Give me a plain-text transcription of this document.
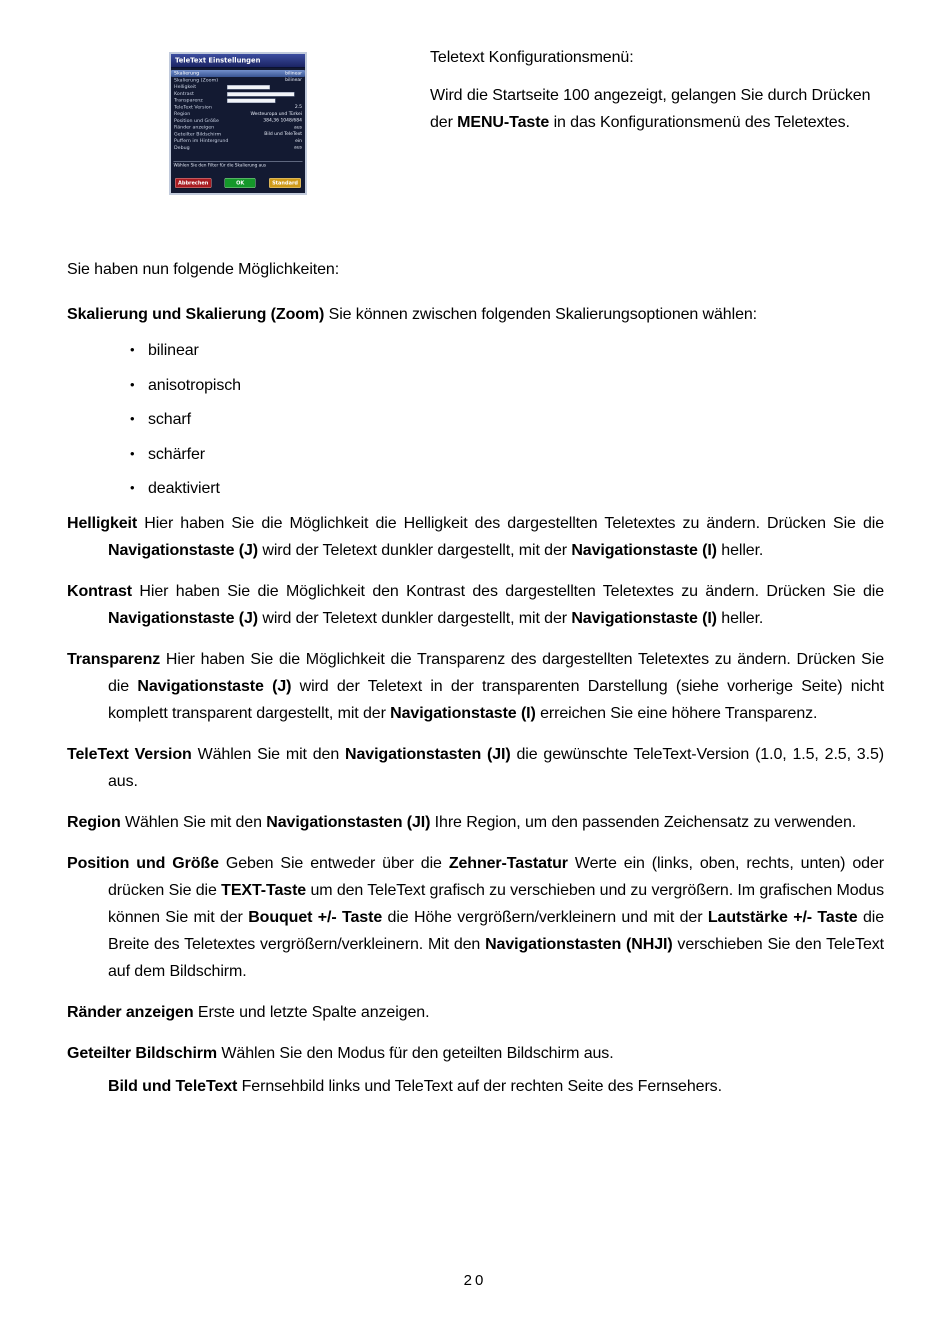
TeleText Einstellungen
Skalierung	bilinear
Skalierung (Zoom)	bilinear
Helligkeit
Kontrast
Transparenz
TeleText Version	2.5
Region	Westeuropa und Türkei
Position und Größe	384,36 1048/684
Ränder anzeigen	aus
Geteilter Bildschirm	Bild und TeleText
Puffern im Hintergrund	ein
Debug	aus
Wählen Sie den Filter für die Skalierung aus
Abbrechen	OK	Standard

Teletext Konfigurationsmenü:

Wird die Startseite 100 angezeigt, gelangen Sie durch Drücken der MENU-Taste in das Konfigurationsmenü des Teletextes.

Sie haben nun folgende Möglichkeiten:

Skalierung und Skalierung (Zoom) Sie können zwischen folgenden Skalierungsoptionen wählen:

• bilinear
• anisotropisch
• scharf
• schärfer
• deaktiviert

Helligkeit Hier haben Sie die Möglichkeit die Helligkeit des dargestellten Teletextes zu ändern. Drücken Sie die Navigationstaste (J) wird der Teletext dunkler dargestellt, mit der Navigationstaste (I) heller.

Kontrast Hier haben Sie die Möglichkeit den Kontrast des dargestellten Teletextes zu ändern. Drücken Sie die Navigationstaste (J) wird der Teletext dunkler dargestellt, mit der Navigationstaste (I) heller.

Transparenz Hier haben Sie die Möglichkeit die Transparenz des dargestellten Teletextes zu ändern. Drücken Sie die Navigationstaste (J) wird der Teletext in der transparenten Darstellung (siehe vorherige Seite) nicht komplett transparent dargestellt, mit der Navigationstaste (I) erreichen Sie eine höhere Transparenz.

TeleText Version Wählen Sie mit den Navigationstasten (JI) die gewünschte TeleText-Version (1.0, 1.5, 2.5, 3.5) aus.

Region Wählen Sie mit den Navigationstasten (JI) Ihre Region, um den passenden Zeichensatz zu verwenden.

Position und Größe Geben Sie entweder über die Zehner-Tastatur Werte ein (links, oben, rechts, unten) oder drücken Sie die TEXT-Taste um den TeleText grafisch zu verschieben und zu vergrößern. Im grafischen Modus können Sie mit der Bouquet +/- Taste die Höhe vergrößern/verkleinern und mit der Lautstärke +/- Taste die Breite des Teletextes vergrößern/verkleinern. Mit den Navigationstasten (NHJI) verschieben Sie den TeleText auf dem Bildschirm.

Ränder anzeigen Erste und letzte Spalte anzeigen.

Geteilter Bildschirm Wählen Sie den Modus für den geteilten Bildschirm aus.

Bild und TeleText Fernsehbild links und TeleText auf der rechten Seite des Fernsehers.

20
